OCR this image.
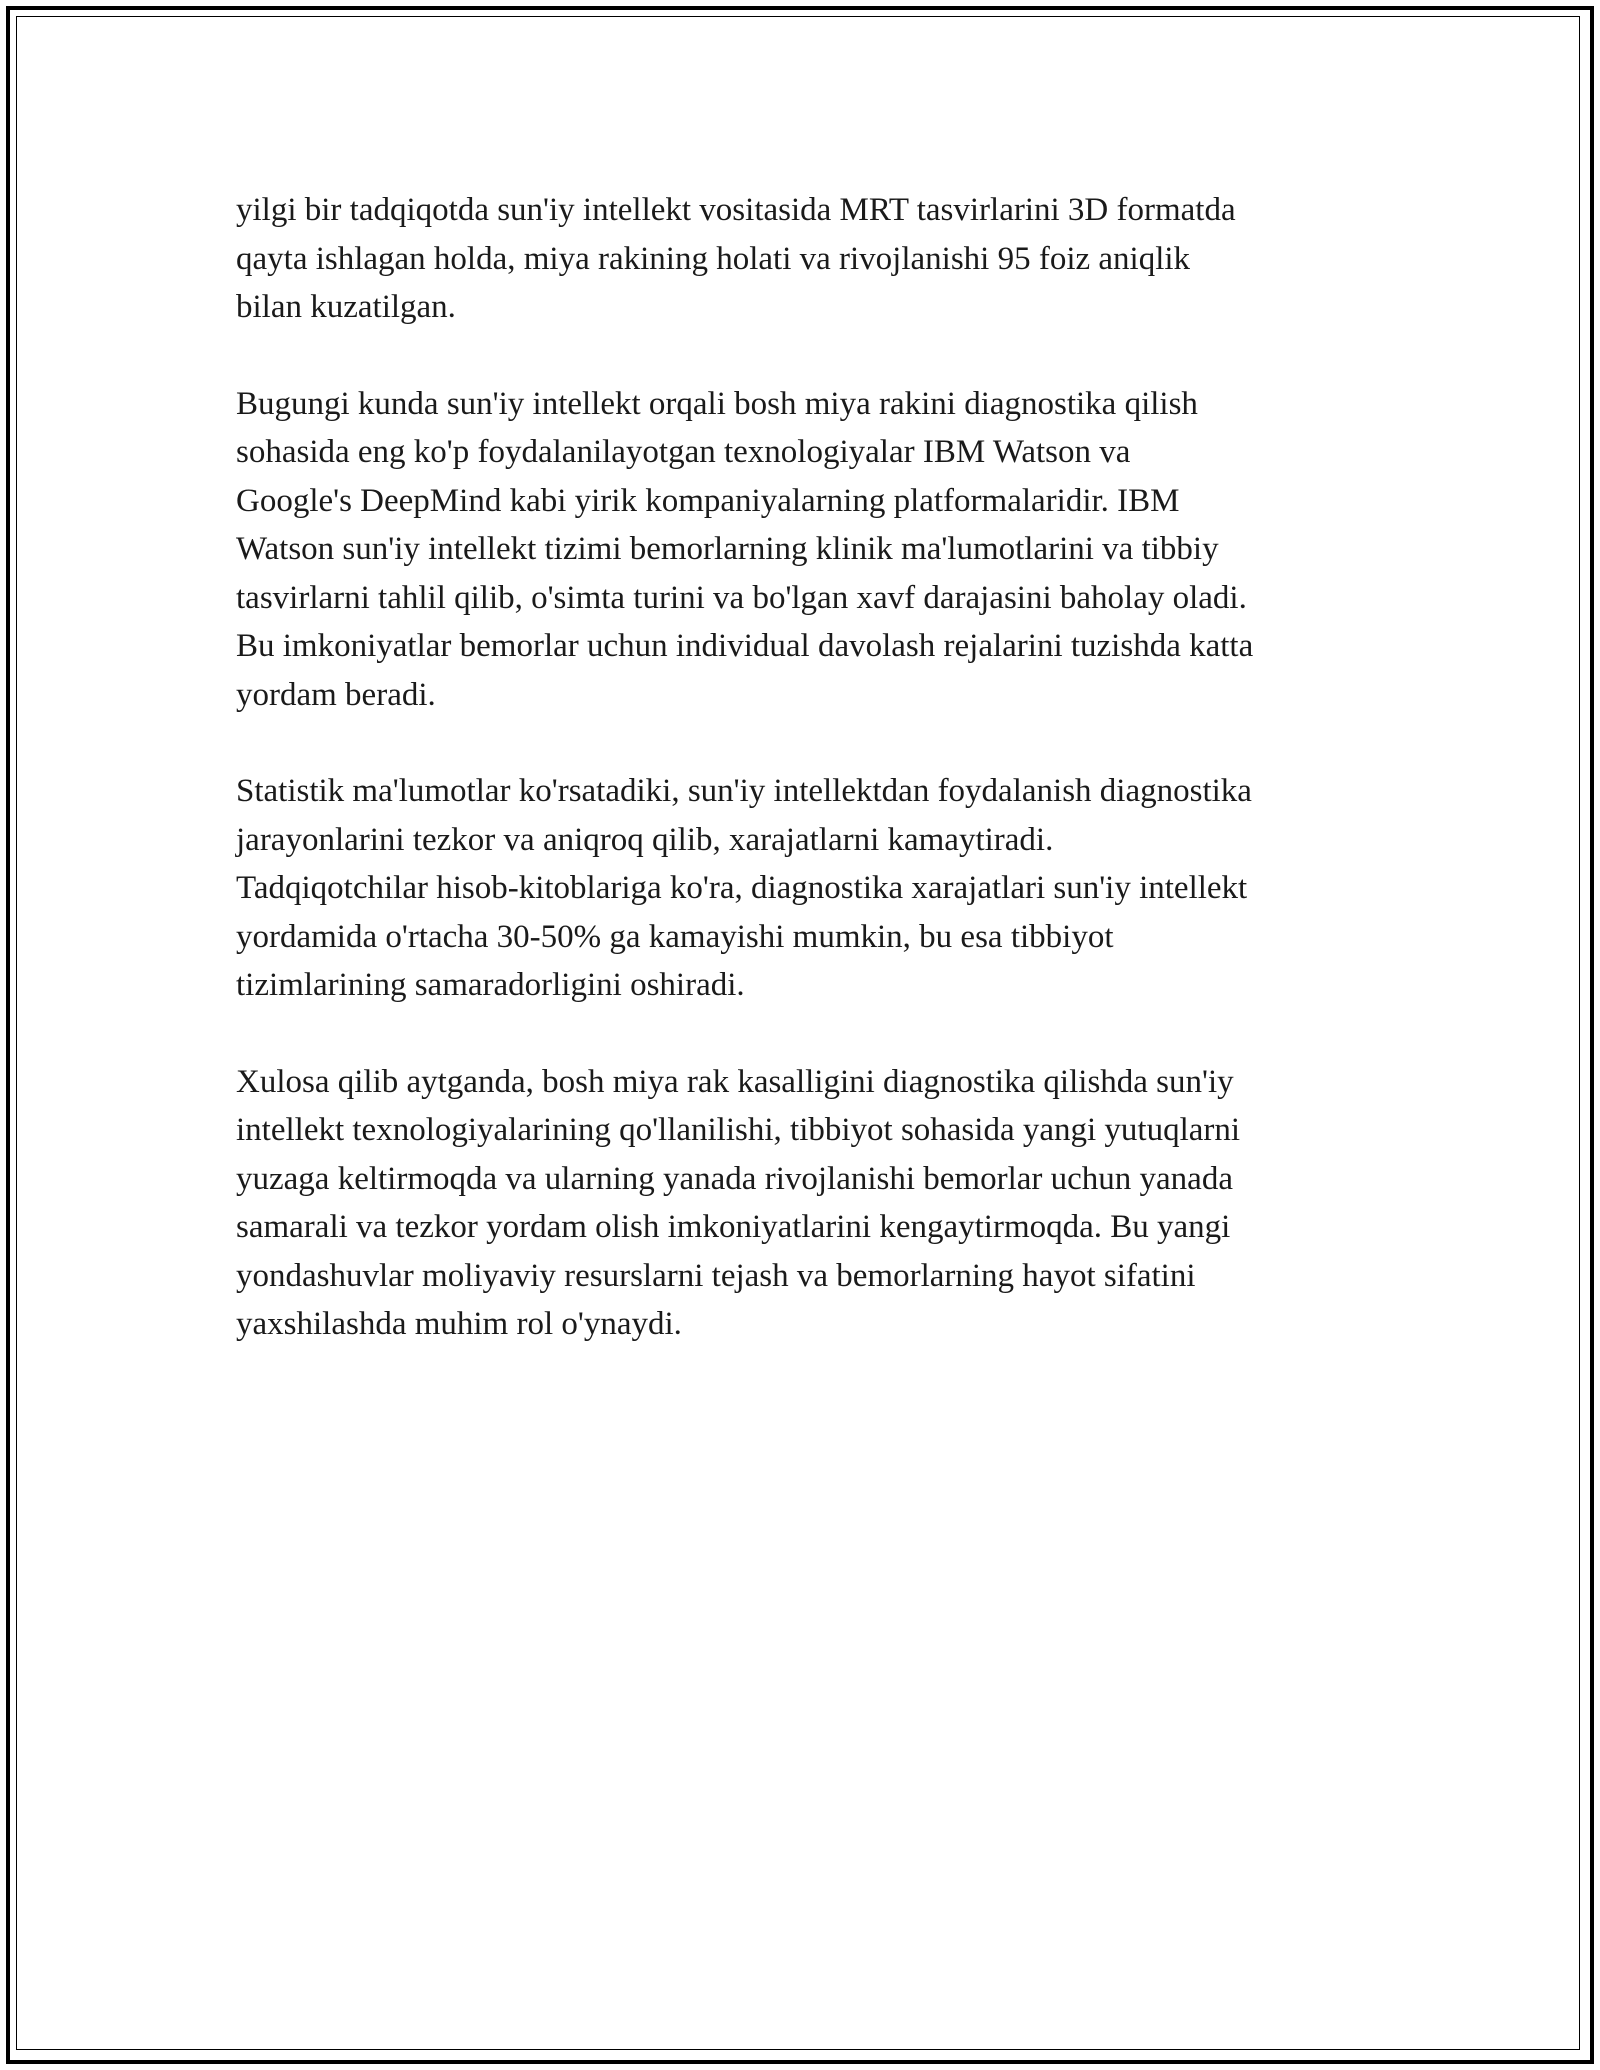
yilgi bir tadqiqotda sun'iy intellekt vositasida MRT tasvirlarini 3D formatda
qayta ishlagan holda, miya rakining holati va rivojlanishi 95 foiz aniqlik
bilan kuzatilgan.

Bugungi kunda sun'iy intellekt orqali bosh miya rakini diagnostika qilish
sohasida eng ko'p foydalanilayotgan texnologiyalar IBM Watson va
Google's DeepMind kabi yirik kompaniyalarning platformalaridir. IBM
Watson sun'iy intellekt tizimi bemorlarning klinik ma'lumotlarini va tibbiy
tasvirlarni tahlil qilib, o'simta turini va bo'lgan xavf darajasini baholay oladi.
Bu imkoniyatlar bemorlar uchun individual davolash rejalarini tuzishda katta
yordam beradi.

Statistik ma'lumotlar ko'rsatadiki, sun'iy intellektdan foydalanish diagnostika
jarayonlarini tezkor va aniqroq qilib, xarajatlarni kamaytiradi.
Tadqiqotchilar hisob-kitoblariga ko'ra, diagnostika xarajatlari sun'iy intellekt
yordamida o'rtacha 30-50% ga kamayishi mumkin, bu esa tibbiyot
tizimlarining samaradorligini oshiradi.

Xulosa qilib aytganda, bosh miya rak kasalligini diagnostika qilishda sun'iy
intellekt texnologiyalarining qo'llanilishi, tibbiyot sohasida yangi yutuqlarni
yuzaga keltirmoqda va ularning yanada rivojlanishi bemorlar uchun yanada
samarali va tezkor yordam olish imkoniyatlarini kengaytirmoqda. Bu yangi
yondashuvlar moliyaviy resurslarni tejash va bemorlarning hayot sifatini
yaxshilashda muhim rol o'ynaydi.
